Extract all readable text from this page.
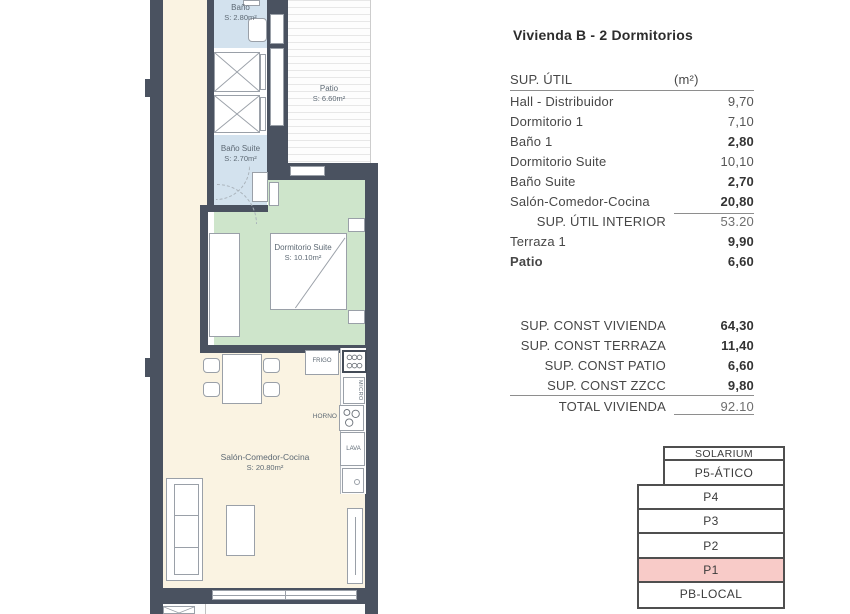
FRIGO
MICRO
HORNO
LAVA
Baño
S: 2.80m²
Patio
S: 6.60m²
Baño Suite
S: 2.70m²
Dormitorio Suite
S: 10.10m²
Salón-Comedor-Cocina
S: 20.80m²
Vivienda B - 2 Dormitorios
SUP. ÚTIL	(m²)
Hall - Distribuidor	9,70
Dormitorio 1	7,10
Baño 1	2,80
Dormitorio Suite	10,10
Baño Suite	2,70
Salón-Comedor-Cocina	20,80
SUP. ÚTIL INTERIOR	53.20
Terraza 1	9,90
Patio	6,60
SUP. CONST VIVIENDA	64,30
SUP. CONST TERRAZA	11,40
SUP. CONST PATIO	6,60
SUP. CONST ZZCC	9,80
TOTAL VIVIENDA	92.10
SOLARIUM
P5-ÁTICO
P4
P3
P2
P1
PB-LOCAL
